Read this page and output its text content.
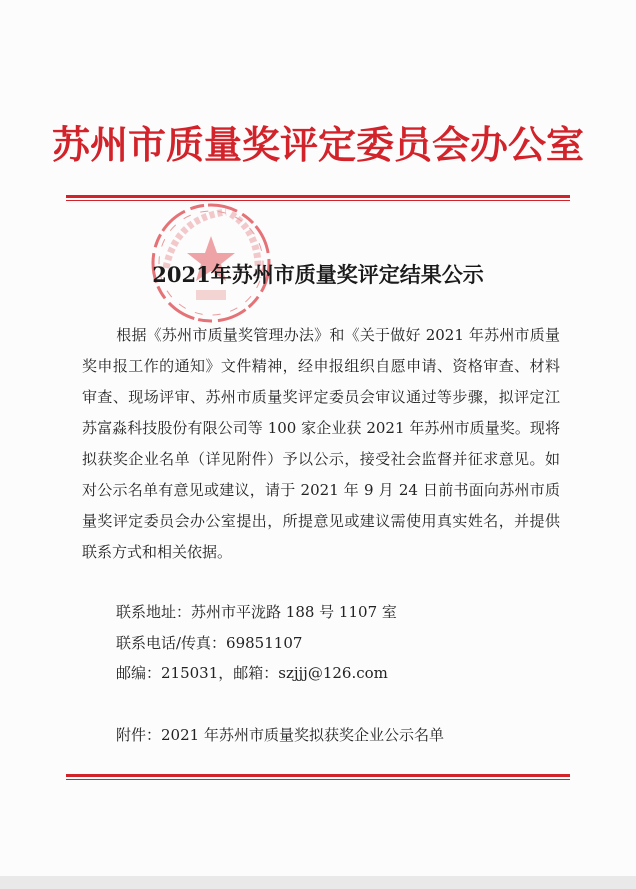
苏州市质量奖评定委员会办公室
2021年苏州市质量奖评定结果公示

根据《苏州市质量奖管理办法》和《关于做好 2021 年苏州市质量奖申报工作的通知》文件精神，经申报组织自愿申请、资格审查、材料审查、现场评审、苏州市质量奖评定委员会审议通过等步骤，拟评定江苏富淼科技股份有限公司等 100 家企业获 2021 年苏州市质量奖。现将拟获奖企业名单（详见附件）予以公示，接受社会监督并征求意见。如对公示名单有意见或建议，请于 2021 年 9 月 24 日前书面向苏州市质量奖评定委员会办公室提出，所提意见或建议需使用真实姓名，并提供联系方式和相关依据。

联系地址：苏州市平泷路 188 号 1107 室
联系电话/传真：69851107
邮编：215031，邮箱：szjjj@126.com
附件：2021 年苏州市质量奖拟获奖企业公示名单
